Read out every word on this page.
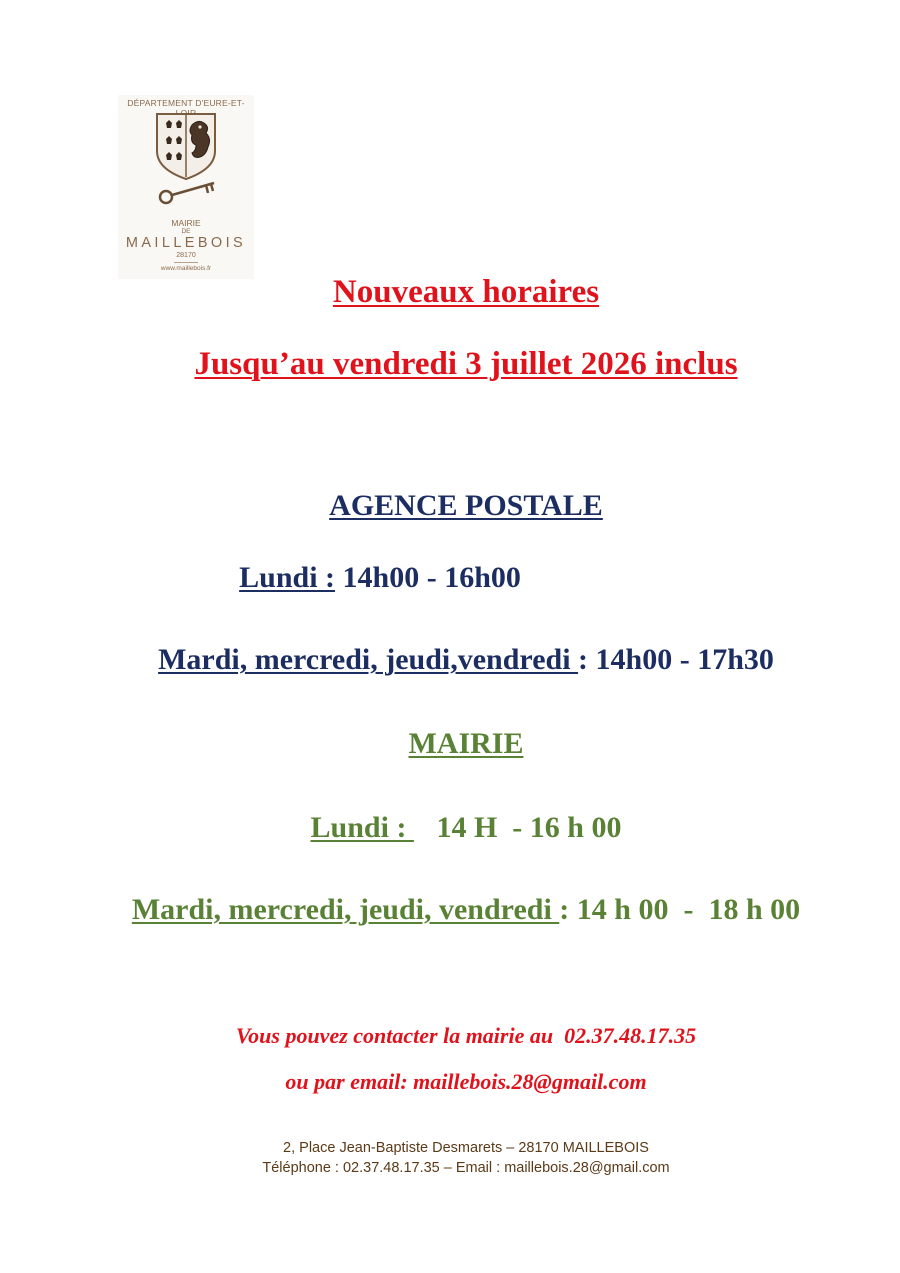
DÉPARTEMENT D'EURE-ET-
MAIRIE
DE
MAILLEBOIS
28170
www.maillebois.fr
Nouveaux horaires
Jusqu’au vendredi 3 juillet 2026 inclus
AGENCE POSTALE
Lundi : 14h00 - 16h00
Mardi, mercredi, jeudi,vendredi : 14h00 - 17h30
MAIRIE
Lundi :    14 H  - 16 h 00
Mardi, mercredi, jeudi, vendredi : 14 h 00  -  18 h 00
Vous pouvez contacter la mairie au  02.37.48.17.35
ou par email: maillebois.28@gmail.com
2, Place Jean-Baptiste Desmarets – 28170 MAILLEBOIS
Téléphone : 02.37.48.17.35 – Email : maillebois.28@gmail.com
